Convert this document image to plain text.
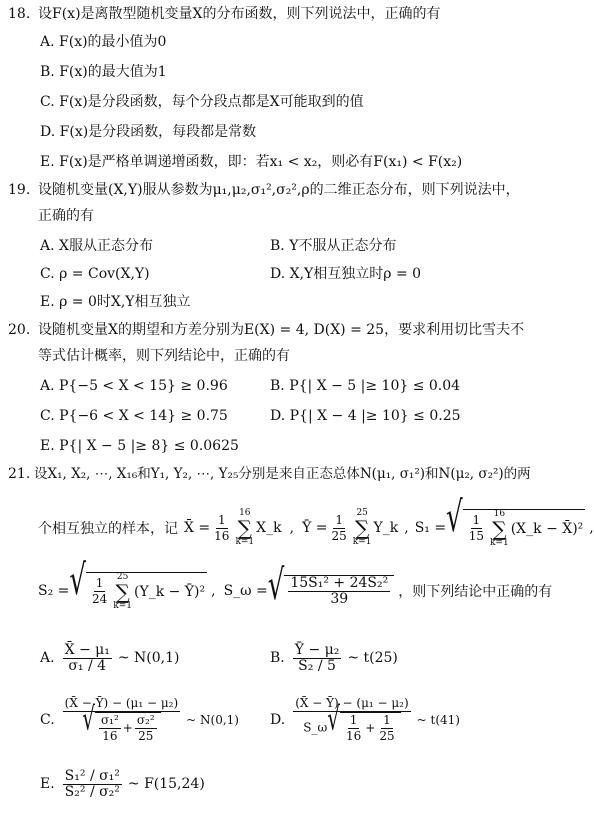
18. 设F(x)是离散型随机变量X的分布函数，则下列说法中，正确的有
A. F(x)的最小值为0
B. F(x)的最大值为1
C. F(x)是分段函数，每个分段点都是X可能取到的值
D. F(x)是分段函数，每段都是常数
E. F(x)是严格单调递增函数，即：若x₁ < x₂，则必有F(x₁) < F(x₂)
19. 设随机变量(X,Y)服从参数为μ₁,μ₂,σ₁²,σ₂²,ρ的二维正态分布，则下列说法中，
正确的有
A. X服从正态分布	B. Y不服从正态分布
C. ρ = Cov(X,Y)	D. X,Y相互独立时ρ = 0
E. ρ = 0时X,Y相互独立
20. 设随机变量X的期望和方差分别为E(X) = 4, D(X) = 25，要求利用切比雪夫不
等式估计概率，则下列结论中，正确的有
A. P{−5 < X < 15} ≥ 0.96	B. P{| X − 5 |≥ 10} ≤ 0.04
C. P{−6 < X < 14} ≥ 0.75	D. P{| X − 4 |≥ 10} ≤ 0.25
E. P{| X − 5 |≥ 8} ≤ 0.0625
21. 设X₁, X₂, ⋯, X₁₆和Y₁, Y₂, ⋯, Y₂₅分别是来自正态总体N(μ₁, σ₁²)和N(μ₂, σ₂²)的两
个相互独立的样本，记 X̄ = $\frac{1}{16} 16$
∑
k=1
X_k , Ȳ = $\frac{1}{25} 25$
∑
k=1
Y_k , S₁ = √ $\frac{1}{15} 16$
∑
k=1
(X_k − X̄)² ,
S₂ = √ $\frac{1}{24} 25$
∑
k=1
(Y_k − Ȳ)² , S_ω = √ $\frac{\text{15S₁² + 24S₂²}}{39}$ ，则下列结论中正确的有
A. $\frac{\text{X̄ − μ₁}}{\text{σ₁ / 4}}$ ~ N(0,1)	B. $\frac{\text{Ȳ − μ₂}}{\text{S₂ / 5}}$ ~ t(25)
C. $\frac{\text{(X̄ − Ȳ) − (μ₁ − μ₂)}}{√ \frac{\text{σ₁²}}{16} + \frac{\text{σ₂²}}{25}}$ ~ N(0,1) D. $\frac{\text{(X̄ − Ȳ) − (μ₁ − μ₂)}}{S\_\omega √ \frac{1}{16} + \frac{1}{25}}$ ~ t(41)
E. $\frac{\text{S₁² / σ₁²}}{\text{S₂² / σ₂²}}$ ~ F(15,24)
